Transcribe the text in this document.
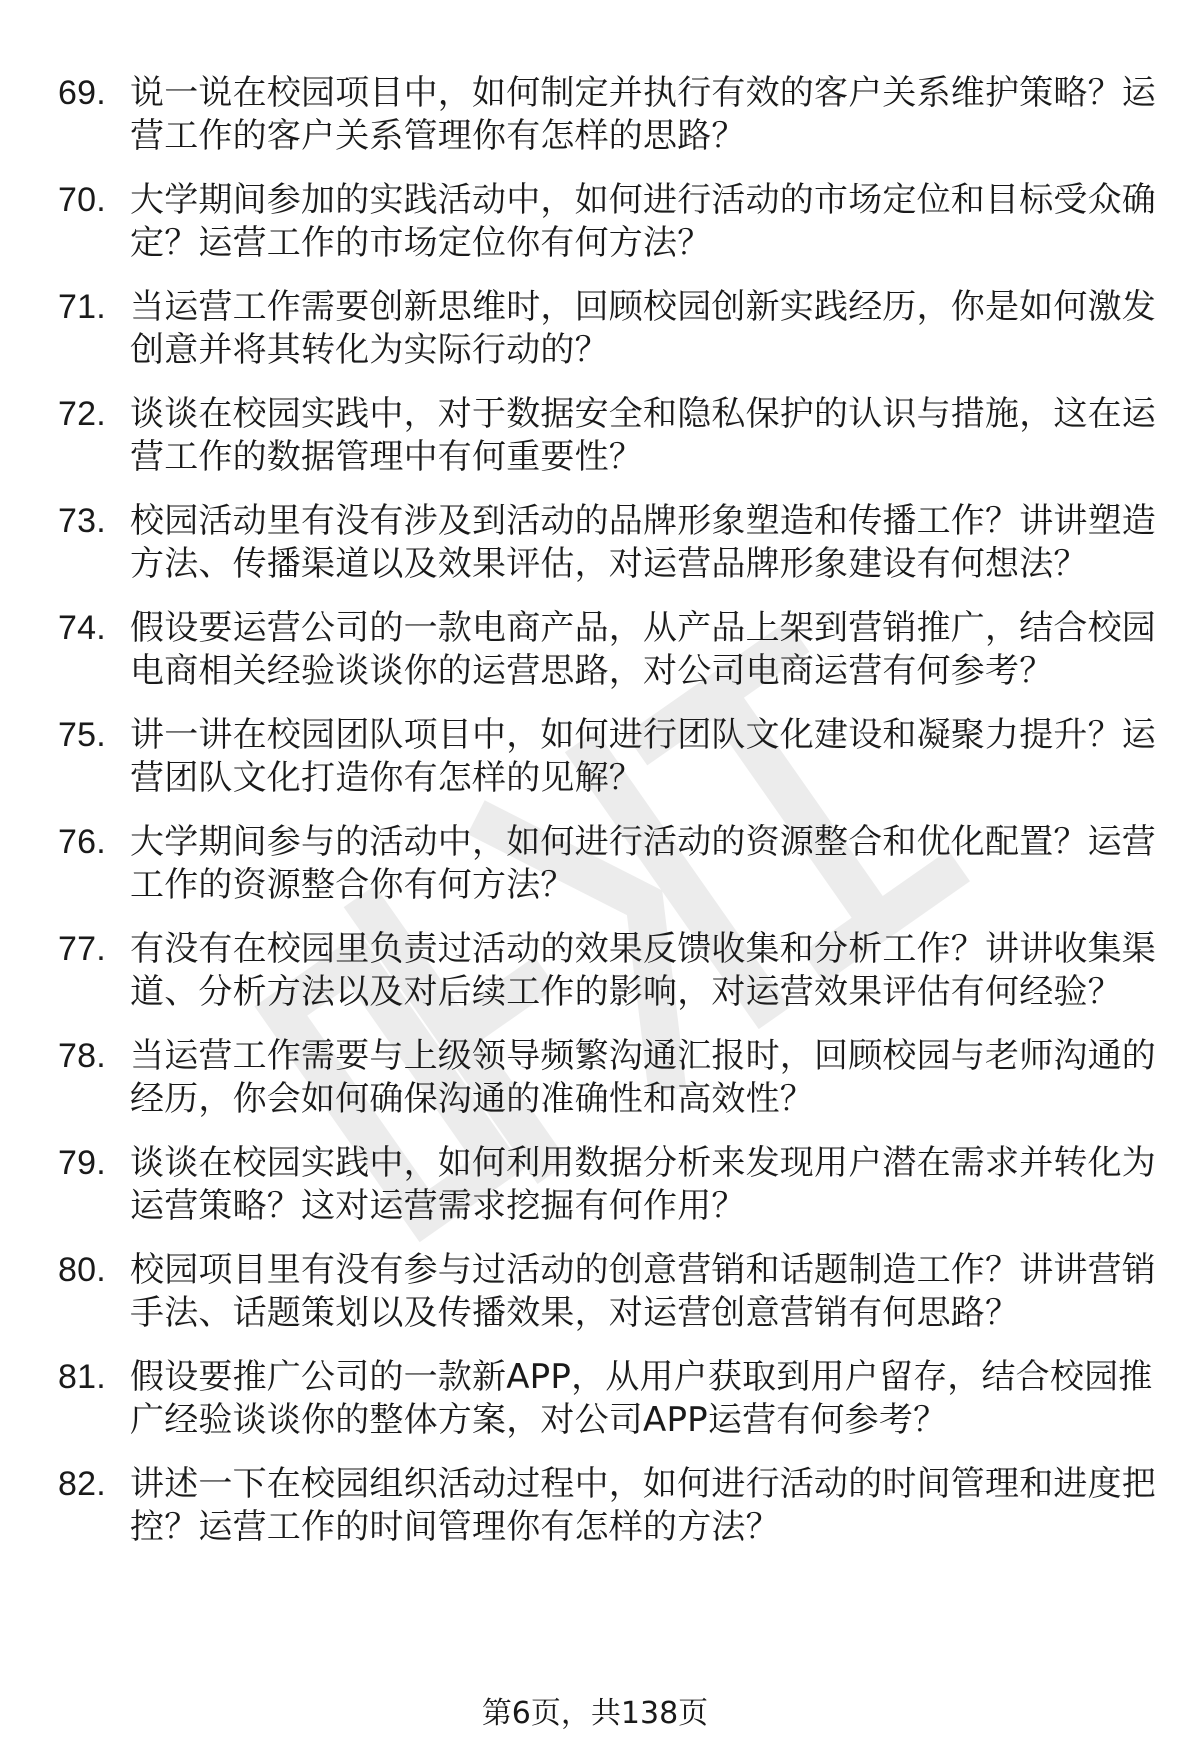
69. 说一说在校园项目中，如何制定并执行有效的客户关系维护策略？运营工作的客户关系管理你有怎样的思路？
70. 大学期间参加的实践活动中，如何进行活动的市场定位和目标受众确定？运营工作的市场定位你有何方法？
71. 当运营工作需要创新思维时，回顾校园创新实践经历，你是如何激发创意并将其转化为实际行动的？
72. 谈谈在校园实践中，对于数据安全和隐私保护的认识与措施，这在运营工作的数据管理中有何重要性？
73. 校园活动里有没有涉及到活动的品牌形象塑造和传播工作？讲讲塑造方法、传播渠道以及效果评估，对运营品牌形象建设有何想法？
74. 假设要运营公司的一款电商产品，从产品上架到营销推广，结合校园电商相关经验谈谈你的运营思路，对公司电商运营有何参考？
75. 讲一讲在校园团队项目中，如何进行团队文化建设和凝聚力提升？运营团队文化打造你有怎样的见解？
76. 大学期间参与的活动中，如何进行活动的资源整合和优化配置？运营工作的资源整合你有何方法？
77. 有没有在校园里负责过活动的效果反馈收集和分析工作？讲讲收集渠道、分析方法以及对后续工作的影响，对运营效果评估有何经验？
78. 当运营工作需要与上级领导频繁沟通汇报时，回顾校园与老师沟通的经历，你会如何确保沟通的准确性和高效性？
79. 谈谈在校园实践中，如何利用数据分析来发现用户潜在需求并转化为运营策略？这对运营需求挖掘有何作用？
80. 校园项目里有没有参与过活动的创意营销和话题制造工作？讲讲营销手法、话题策划以及传播效果，对运营创意营销有何思路？
81. 假设要推广公司的一款新APP，从用户获取到用户留存，结合校园推广经验谈谈你的整体方案，对公司APP运营有何参考？
82. 讲述一下在校园组织活动过程中，如何进行活动的时间管理和进度把控？运营工作的时间管理你有怎样的方法？
第6页，共138页
